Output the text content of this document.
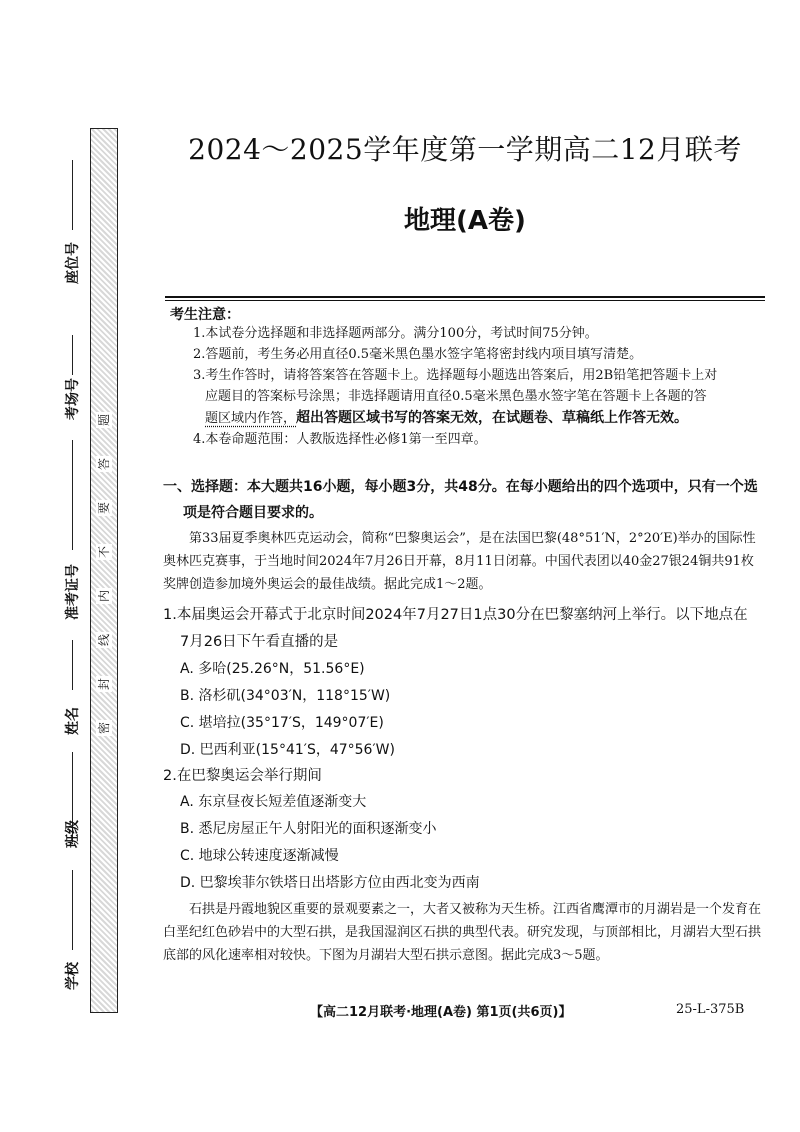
题
答
要
不
内
线
封
密
座位号
考场号
准考证号
姓名
班级
学校
2024～2025学年度第一学期高二12月联考
地理(A卷)
考生注意：
1.本试卷分选择题和非选择题两部分。满分100分，考试时间75分钟。
2.答题前，考生务必用直径0.5毫米黑色墨水签字笔将密封线内项目填写清楚。
3.考生作答时，请将答案答在答题卡上。选择题每小题选出答案后，用2B铅笔把答题卡上对
应题目的答案标号涂黑；非选择题请用直径0.5毫米黑色墨水签字笔在答题卡上各题的答
题区域内作答，超出答题区域书写的答案无效，在试题卷、草稿纸上作答无效。
4.本卷命题范围：人教版选择性必修1第一至四章。
一、选择题：本大题共16小题，每小题3分，共48分。在每小题给出的四个选项中，只有一个选
项是符合题目要求的。
第33届夏季奥林匹克运动会，简称“巴黎奥运会”，是在法国巴黎(48°51′N，2°20′E)举办的国际性奥林匹克赛事，于当地时间2024年7月26日开幕，8月11日闭幕。中国代表团以40金27银24铜共91枚奖牌创造参加境外奥运会的最佳战绩。据此完成1～2题。
1.本届奥运会开幕式于北京时间2024年7月27日1点30分在巴黎塞纳河上举行。以下地点在
7月26日下午看直播的是
A. 多哈(25.26°N，51.56°E)
B. 洛杉矶(34°03′N，118°15′W)
C. 堪培拉(35°17′S，149°07′E)
D. 巴西利亚(15°41′S，47°56′W)
2.在巴黎奥运会举行期间
A. 东京昼夜长短差值逐渐变大
B. 悉尼房屋正午人射阳光的面积逐渐变小
C. 地球公转速度逐渐减慢
D. 巴黎埃菲尔铁塔日出塔影方位由西北变为西南
石拱是丹霞地貌区重要的景观要素之一，大者又被称为天生桥。江西省鹰潭市的月湖岩是一个发育在白垩纪红色砂岩中的大型石拱，是我国湿润区石拱的典型代表。研究发现，与顶部相比，月湖岩大型石拱底部的风化速率相对较快。下图为月湖岩大型石拱示意图。据此完成3～5题。
【高二12月联考·地理(A卷) 第1页(共6页)】	25-L-375B
